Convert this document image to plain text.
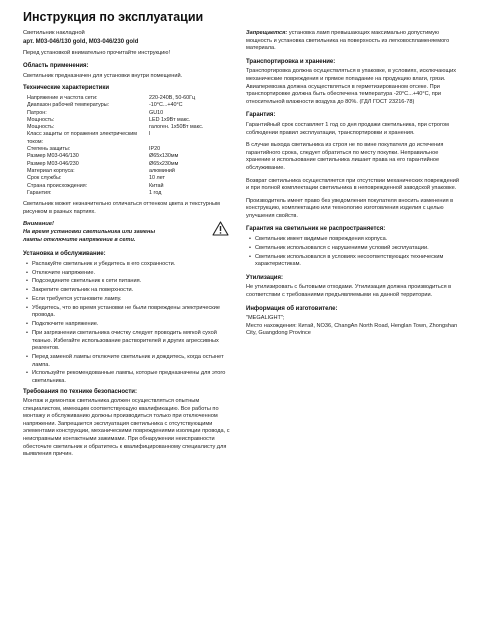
Инструкция по эксплуатации
Светильник накладной
арт. M03-046/130 gold, M03-046/230 gold
Перед установкой внимательно прочитайте инструкцию!
Область применения:
Светильник предназначен для установки внутри помещений.
Технические характеристики
Напряжение и частота сети:	220-240В, 50-60Гц
Диапазон рабочей температуры:	-10°С...+40°С
Патрон:	GU10
Мощность:	LED 1х9Вт макс.
Мощность:	галоген. 1х50Вт макс.
Класс защиты от поражения электрическим током:	I
Степень защиты:	IP20
Размер M03-046/130	Ø65х130мм
Размер M03-046/230	Ø65х230мм
Материал корпуса:	алюминий
Срок службы:	10 лет
Страна происхождения:	Китай
Гарантия:	1 год
Светильник может незначительно отличаться оттенком цвета и текстурным рисунком в разных партиях.
Внимание!
На время установки светильника или замены лампы отключите напряжение в сети.
Установка и обслуживание:
• Распакуйте светильник и убедитесь в его сохранности.
• Отключите напряжение.
• Подсоедините светильник к сети питания.
• Закрепите светильник на поверхности.
• Если требуется установите лампу.
• Убедитесь, что во время установки не были повреждены электрические провода.
• Подключите напряжение.
• При загрязнении светильника очистку следует проводить мягкой сухой тканью. Избегайте использование растворителей и других агрессивных реагентов.
• Перед заменой лампы отключите светильник и дождитесь, когда остынет лампа.
• Используйте рекомендованные лампы, которые предназначены для этого светильника.
Требования по технике безопасности:
Монтаж и демонтаж светильника должен осуществляться опытным специалистом, имеющим соответствующую квалификацию. Все работы по монтажу и обслуживанию должны производиться только при отключенном напряжении. Запрещается эксплуатация светильника с отсутствующими элементами конструкции, механическими повреждениями изоляции провода, с неисправными контактными зажимами. При обнаружении неисправности обесточьте светильник и обратитесь к квалифицированному специалисту для выявления причин.
Запрещается: установка ламп превышающих максимально допустимую мощность и установка светильника на поверхность из легковоспламеняемого материала.
Транспортировка и хранение:
Транспортировка должна осуществляться в упаковке, в условиях, исключающих механические повреждения и прямое попадание на продукцию влаги, грязи. Авиаперевозка должна осуществляться в герметизированном отсеке. При транспортировке должна быть обеспечена температура -20°С...+40°С, при относительной влажности воздуха до 80%. (ГДЛ ГОСТ 23216-78)
Гарантия:
Гарантийный срок составляет 1 год со дня продажи светильника, при строгом соблюдении правил эксплуатации, транспортировки и хранения.
В случае выхода светильника из строя не по вине покупателя до истечения гарантийного срока, следует обратиться по месту покупки. Неправильное хранение и использование светильника лишает права на его гарантийное обслуживание.
Возврат светильника осуществляется при отсутствии механических повреждений и при полной комплектации светильника в неповрежденной заводской упаковке.
Производитель имеет право без уведомления покупателя вносить изменения в конструкцию, комплектацию или технологию изготовления изделия с целью улучшения свойств.
Гарантия на светильник не распространяется:
• Светильник имеет видимые повреждения корпуса.
• Светильник использовался с нарушениями условий эксплуатации.
• Светильник использовался в условиях несоответствующих техническим характеристикам.
Утилизация:
Не утилизировать с бытовыми отходами. Утилизация должна производиться в соответствии с требованиями предъявляемыми на данной территории.
Информация об изготовителе:
"MEGALIGHT";
Место нахождения: Китай, NO36, ChangAn North Road, Henglan Town, Zhongshan City, Guangdong Province
